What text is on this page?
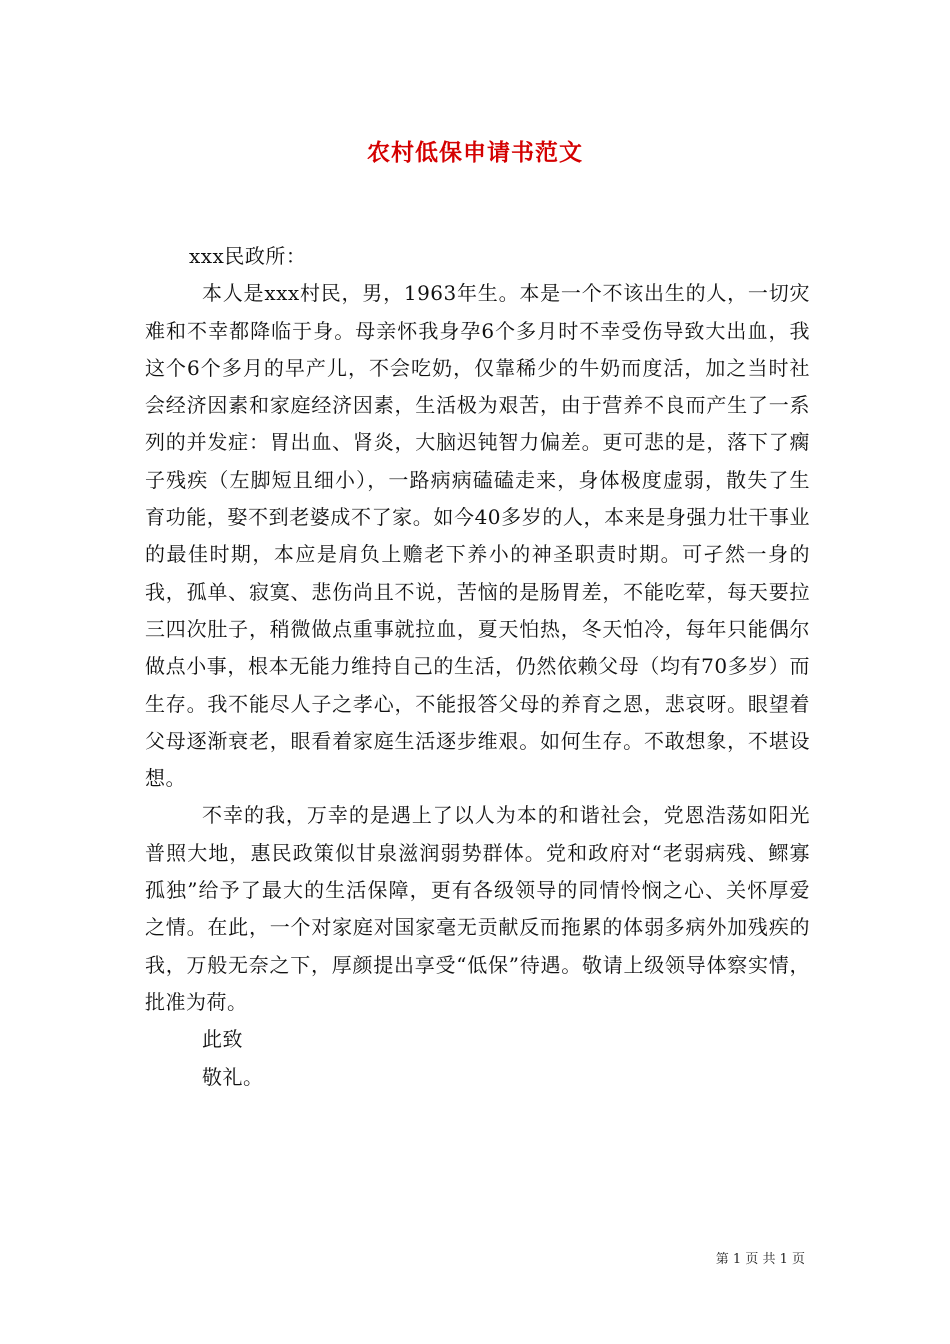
农村低保申请书范文

xxx民政所：

本人是xxx村民，男，1963年生。本是一个不该出生的人，一切灾难和不幸都降临于身。母亲怀我身孕6个多月时不幸受伤导致大出血，我这个6个多月的早产儿，不会吃奶，仅靠稀少的牛奶而度活，加之当时社会经济因素和家庭经济因素，生活极为艰苦，由于营养不良而产生了一系列的并发症：胃出血、肾炎，大脑迟钝智力偏差。更可悲的是，落下了瘸子残疾（左脚短且细小），一路病病磕磕走来，身体极度虚弱，散失了生育功能，娶不到老婆成不了家。如今40多岁的人，本来是身强力壮干事业的最佳时期，本应是肩负上赡老下养小的神圣职责时期。可孑然一身的我，孤单、寂寞、悲伤尚且不说，苦恼的是肠胃差，不能吃荤，每天要拉三四次肚子，稍微做点重事就拉血，夏天怕热，冬天怕冷，每年只能偶尔做点小事，根本无能力维持自己的生活，仍然依赖父母（均有70多岁）而生存。我不能尽人子之孝心，不能报答父母的养育之恩，悲哀呀。眼望着父母逐渐衰老，眼看着家庭生活逐步维艰。如何生存。不敢想象，不堪设想。

不幸的我，万幸的是遇上了以人为本的和谐社会，党恩浩荡如阳光普照大地，惠民政策似甘泉滋润弱势群体。党和政府对“老弱病残、鳏寡孤独”给予了最大的生活保障，更有各级领导的同情怜悯之心、关怀厚爱之情。在此，一个对家庭对国家毫无贡献反而拖累的体弱多病外加残疾的我，万般无奈之下，厚颜提出享受“低保”待遇。敬请上级领导体察实情，批准为荷。

此致

敬礼。

第 1 页 共 1 页
